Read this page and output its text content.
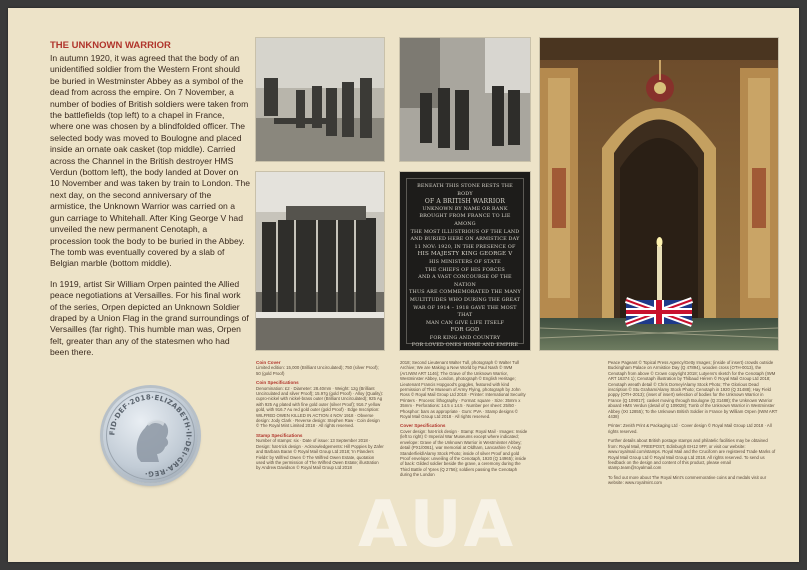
THE UNKNOWN WARRIOR

In autumn 1920, it was agreed that the body of an unidentified soldier from the Western Front should be buried in Westminster Abbey as a symbol of the dead from across the empire. On 7 November, a number of bodies of British soldiers were taken from the battlefields (top left) to a chapel in France, where one was chosen by a blindfolded officer. The selected body was moved to Boulogne and placed inside an ornate oak casket (top middle). Carried across the Channel in the British destroyer HMS Verdun (bottom left), the body landed at Dover on 10 November and was taken by train to London. The next day, on the second anniversary of the armistice, the Unknown Warrior was carried on a gun carriage to Whitehall. After King George V had unveiled the new permanent Cenotaph, a procession took the body to be buried in the Abbey. The tomb was eventually covered by a slab of Belgian marble (bottom middle).

In 1919, artist Sir William Orpen painted the Allied peace negotiations at Versailles. For his final work of the series, Orpen depicted an Unknown Soldier draped by a Union Flag in the grand surroundings of Versailles (far right). This humble man was, Orpen felt, greater than any of the statesmen who had been there.

FID·DEF·2018·ELIZABETH·II·DEI·GRA·REG·
BENEATH THIS STONE RESTS THE BODY
OF A BRITISH WARRIOR
UNKNOWN BY NAME OR RANK
BROUGHT FROM FRANCE TO LIE AMONG
THE MOST ILLUSTRIOUS OF THE LAND
AND BURIED HERE ON ARMISTICE DAY
11 NOV: 1920, IN THE PRESENCE OF
HIS MAJESTY KING GEORGE V
HIS MINISTERS OF STATE
THE CHIEFS OF HIS FORCES
AND A VAST CONCOURSE OF THE NATION
THUS ARE COMMEMORATED THE MANY
MULTITUDES WHO DURING THE GREAT
WAR OF 1914 – 1918 GAVE THE MOST THAT
MAN CAN GIVE LIFE ITSELF
FOR GOD
FOR KING AND COUNTRY
FOR LOVED ONES HOME AND EMPIRE

Coin Cover
Limited edition: 15,000 (Brilliant Uncirculated); 750 (silver Proof); 50 (gold Proof)

Coin Specifications
Denomination: £2 · Diameter: 28.40mm · Weight: 12g (Brilliant Uncirculated and silver Proof); 15.97g (gold Proof) · Alloy (Quality): cupro-nickel with nickel-brass outer (Brilliant Uncirculated); 925 Ag with 925 Ag plated with fine gold outer (silver Proof); 916.7 yellow gold, with 916.7 Au red gold outer (gold Proof) · Edge Inscription: WILFRED OWEN KILLED IN ACTION 4 NOV 1918 · Obverse design: Jody Clark · Reverse design: Stephen Raw · Coin design © The Royal Mint Limited 2018 · All rights reserved.

Stamp Specifications
Number of stamps: six · Date of issue: 13 September 2018 · Design: hat-trick design · Acknowledgements: Hill Poppies by Zafer and Barbara Baran © Royal Mail Group Ltd 2018; 'In Flanders Fields' by Wilfred Owen © The Wilfred Owen Estate, quotation used with the permission of The Wilfred Owen Estate; illustration by Andrew Davidson © Royal Mail Group Ltd 2018

2018; Second Lieutenant Walter Tull, photograph © Walter Tull Archive; We are Making a New World by Paul Nash © IWM (Art.IWM ART 1146); The Grave of the Unknown Warrior, Westminster Abbey, London, photograph © English Heritage; Lieutenant Francis Hopgood's goggles, featured with kind permission of The Museum of Army Flying, photograph by John Ross © Royal Mail Group Ltd 2018 · Printer: International Security Printers · Process: lithography · Format: square · Size: 35mm x 35mm · Perforations: 14.5 x 14.5 · Number per sheet: 25/50 · Phosphor: bars as appropriate · Gum: PVA · Stamp designs © Royal Mail Group Ltd 2018 · All rights reserved.

Cover Specifications
Cover design: hat-trick design · Stamp: Royal Mail · Images: Inside (left to right) © Imperial War Museums except where indicated; envelope: Grave of the Unknown Warrior in Westminster Abbey; detail (PX1/0061), war memorial at Oldham, Lancashire © Andy Standerfield/Alamy Stock Photo; inside of silver Proof and gold Proof envelope: unveiling of the Cenotaph, 1920 (Q 14965); inside of back: Gilded soldier beside the grave, a ceremony during the Third Battle of Ypres (Q 2756); soldiers passing the Cenotaph during the London

Peace Pageant © Topical Press Agency/Getty Images; (inside of insert) crowds outside Buckingham Palace on Armistice Day (Q 47894), wooden cross (OTH-0013), the Cenotaph from above © Crown copyright 2018; Lutyens's sketch for the Cenotaph (IWM ART 16374 1); Cenotaph illustration by Thibaud Hérem © Royal Mail Group Ltd 2018; Cenotaph wreath detail © Chris Dorney/Alamy Stock Photo; The Glorious Dead inscription © Stu Graham/Alamy Stock Photo; Cenotaph in 1920 (Q 31488); Hay Field poppy (OTH-2013); (inset of insert) selection of bodies for the Unknown Warrior in France (Q 109017); casket moving through Boulogne (Q 31488); the Unknown Warrior aboard HMS Verdun (detail of Q 109028); Tomb of the Unknown Warrior in Westminster Abbey (IXI 12855); To the Unknown British Soldier in France by William Orpen (IWM ART 4438)

Printer: Zenith Print & Packaging Ltd · Cover design © Royal Mail Group Ltd 2018 · All rights reserved.

Further details about British postage stamps and philatelic facilities may be obtained from: Royal Mail, FREEPOST, Edinburgh EH12 9FF, or visit our website: www.royalmail.com/stamps. Royal Mail and the Cruciform are registered Trade Marks of Royal Mail Group Ltd © Royal Mail Group Ltd 2018. All rights reserved. To send us feedback on the design and content of this product, please email stamp.team@royalmail.com

To find out more about The Royal Mint's commemorative coins and medals visit our website: www.royalmint.com

AUA
